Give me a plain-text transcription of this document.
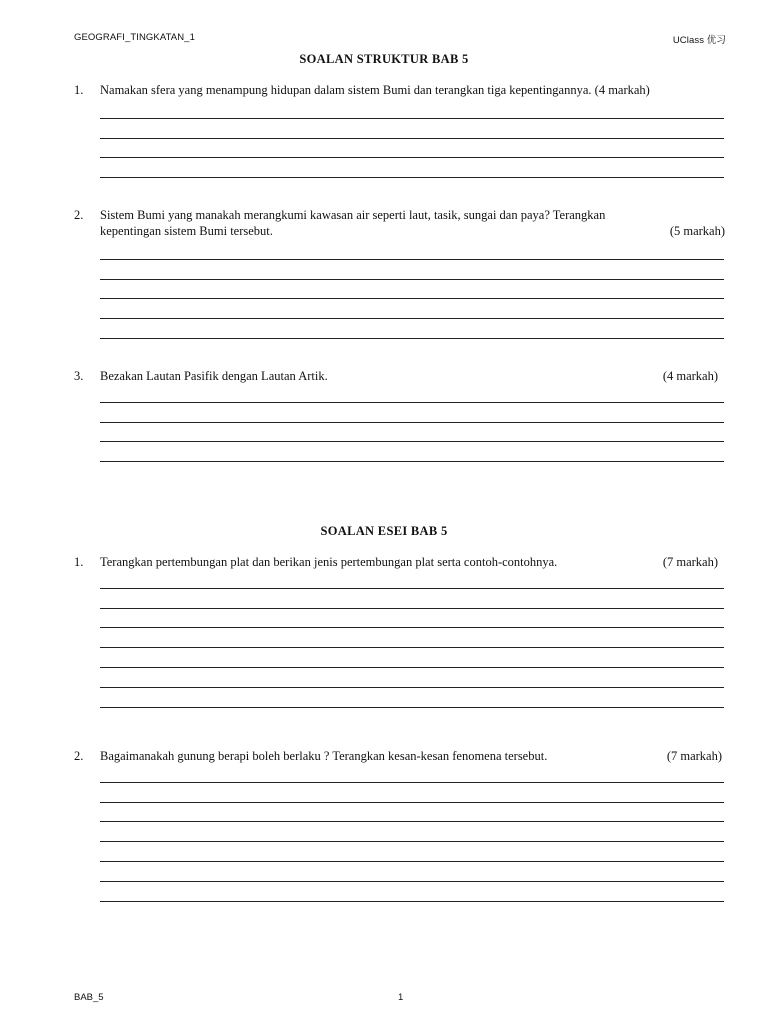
GEOGRAFI_TINGKATAN_1	UClass 优习
SOALAN STRUKTUR BAB 5
1. Namakan sfera yang menampung hidupan dalam sistem Bumi dan terangkan tiga kepentingannya. (4 markah)
2. Sistem Bumi yang manakah merangkumi kawasan air seperti laut, tasik, sungai dan paya? Terangkan
kepentingan sistem Bumi tersebut.	(5 markah)
3. Bezakan Lautan Pasifik dengan Lautan Artik.	(4 markah)
SOALAN ESEI BAB 5
1. Terangkan pertembungan plat dan berikan jenis pertembungan plat serta contoh-contohnya.	(7 markah)
2. Bagaimanakah gunung berapi boleh berlaku ? Terangkan kesan-kesan fenomena tersebut.	(7 markah)
BAB_5	1
